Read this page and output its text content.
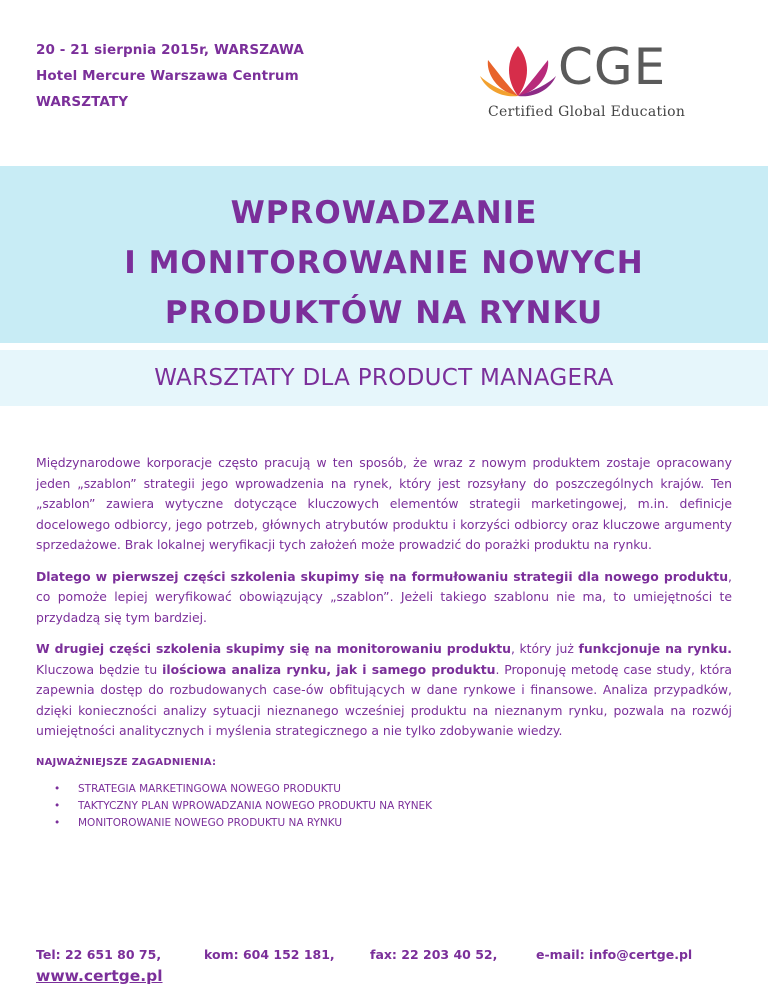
20 - 21 sierpnia 2015r, WARSZAWA
Hotel Mercure Warszawa Centrum
WARSZTATY
CGE
Certified Global Education
WPROWADZANIE
I MONITOROWANIE NOWYCH
PRODUKTÓW NA RYNKU
WARSZTATY DLA PRODUCT MANAGERA

Międzynarodowe korporacje często pracują w ten sposób, że wraz z nowym produktem zostaje opracowany jeden „szablon” strategii jego wprowadzenia na rynek, który jest rozsyłany do poszczególnych krajów. Ten „szablon” zawiera wytyczne dotyczące kluczowych elementów strategii marketingowej, m.in. definicje docelowego odbiorcy, jego potrzeb, głównych atrybutów produktu i korzyści odbiorcy oraz kluczowe argumenty sprzedażowe. Brak lokalnej weryfikacji tych założeń może prowadzić do porażki produktu na rynku.

Dlatego w pierwszej części szkolenia skupimy się na formułowaniu strategii dla nowego produktu, co pomoże lepiej weryfikować obowiązujący „szablon”. Jeżeli takiego szablonu nie ma, to umiejętności te przydadzą się tym bardziej.

W drugiej części szkolenia skupimy się na monitorowaniu produktu, który już funkcjonuje na rynku. Kluczowa będzie tu ilościowa analiza rynku, jak i samego produktu. Proponuję metodę case study, która zapewnia dostęp do rozbudowanych case-ów obfitujących w dane rynkowe i finansowe. Analiza przypadków, dzięki konieczności analizy sytuacji nieznanego wcześniej produktu na nieznanym rynku, pozwala na rozwój umiejętności analitycznych i myślenia strategicznego a nie tylko zdobywanie wiedzy.

NAJWAŻNIEJSZE ZAGADNIENIA:
• STRATEGIA MARKETINGOWA NOWEGO PRODUKTU
• TAKTYCZNY PLAN WPROWADZANIA NOWEGO PRODUKTU NA RYNEK
• MONITOROWANIE NOWEGO PRODUKTU NA RYNKU
Tel: 22 651 80 75,	kom: 604 152 181,	fax: 22 203 40 52,	e-mail: info@certge.pl
www.certge.pl
